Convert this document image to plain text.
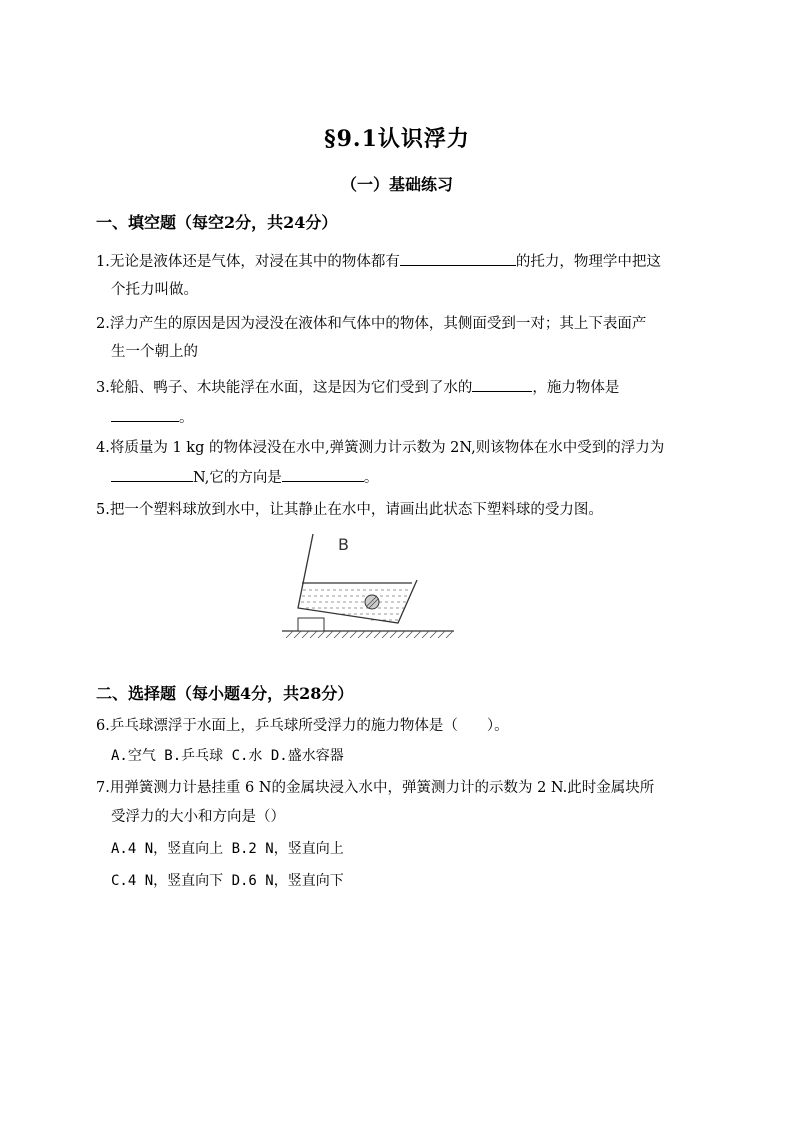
§9.1认识浮力
（一）基础练习
一、填空题（每空2分，共24分）
1.无论是液体还是气体，对浸在其中的物体都有	的托力，物理学中把这
个托力叫做。
2.浮力产生的原因是因为浸没在液体和气体中的物体，其侧面受到一对；其上下表面产
生一个朝上的
3.轮船、鸭子、木块能浮在水面，这是因为它们受到了水的	，施力物体是
。
4.将质量为 1 kg 的物体浸没在水中,弹簧测力计示数为 2N,则该物体在水中受到的浮力为
N,它的方向是	。
5.把一个塑料球放到水中，让其静止在水中，请画出此状态下塑料球的受力图。
B
二、选择题（每小题4分，共28分）
6.乒乓球漂浮于水面上，乒乓球所受浮力的施力物体是（　　）。
A.空气 B.乒乓球 C.水 D.盛水容器
7.用弹簧测力计悬挂重 6 N的金属块浸入水中，弹簧测力计的示数为 2 N.此时金属块所
受浮力的大小和方向是（）
A.4 N，竖直向上 B.2 N，竖直向上
C.4 N，竖直向下 D.6 N，竖直向下
